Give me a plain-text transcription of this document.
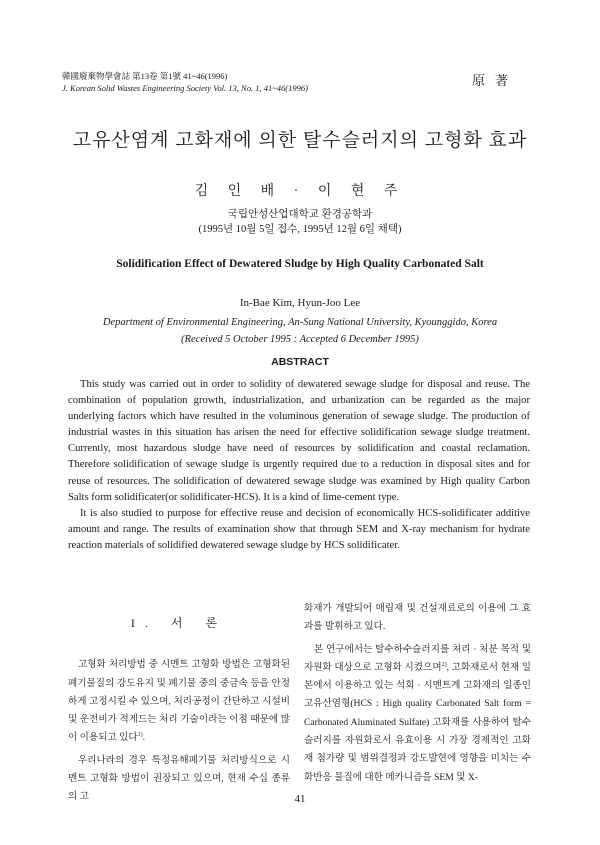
韓國廢棄物學會誌 第13卷 第1號 41~46(1996)
J. Korean Solid Wastes Engineering Society Vol. 13, No. 1, 41~46(1996)	原著
고유산염계 고화재에 의한 탈수슬러지의 고형화 효과
김 인 배 · 이 현 주
국립안성산업대학교 환경공학과
(1995년 10월 5일 접수, 1995년 12월 6일 채택)
Solidification Effect of Dewatered Sludge by High Quality Carbonated Salt
In-Bae Kim, Hyun-Joo Lee
Department of Environmental Engineering, An-Sung National University, Kyounggido, Korea
(Received 5 October 1995 : Accepted 6 December 1995)
ABSTRACT

This study was carried out in order to solidity of dewatered sewage sludge for disposal and reuse. The combination of population growth, industrialization, and urbanization can be regarded as the major underlying factors which have resulted in the voluminous generation of sewage sludge. The production of industrial wastes in this situation has arisen the need for effective solidification sewage sludge treatment. Currently, most hazardous sludge have need of resources by solidification and coastal reclamation. Therefore solidification of sewage sludge is urgently required due to a reduction in disposal sites and for reuse of resources. The solidification of dewatered sewage sludge was examined by High quality Carbon Salts form solidificater(or solidificater-HCS). It is a kind of lime-cement type.

It is also studied to purpose for effective reuse and decision of economically HCS-solidificater additive amount and range. The results of examination show that through SEM and X-ray mechanism for hydrate reaction materials of solidified dewatered sewage sludge by HCS solidificater.

I. 서 론

고형화 처리방법 중 시멘트 고형화 방법은 고형화된 폐기물질의 강도유지 및 폐기물 중의 중금속 등을 안정하게 고정시킬 수 있으며, 처리공정이 간단하고 시설비 및 운전비가 적게드는 처리 기술이라는 이점 때문에 많이 이용되고 있다$^{1)}$.

우리나라의 경우 특정유해폐기물 처리방식으로 시멘트 고형화 방법이 권장되고 있으며, 현재 수십 종류의 고

화재가 개발되어 매립재 및 건설재료로의 이용에 그 효과를 발휘하고 있다.

본 연구에서는 탈수하수슬러지를 처리 · 처분 목적 및 자원화 대상으로 고형화 시켰으며$^{2)}$, 고화재로서 현재 일본에서 이용하고 있는 석회 · 시멘트계 고화재의 일종인 고유산염형(HCS : High quality Carbonated Salt form = Carbonated Aluminated Sulfate) 고화재를 사용하여 탈수슬러지를 자원화로서 유효이용 시 가장 경제적인 고화재 첨가량 및 범위결정과 강도발현에 영향을 미치는 수화반응 물질에 대한 메카니즘을 SEM 및 X-

41
